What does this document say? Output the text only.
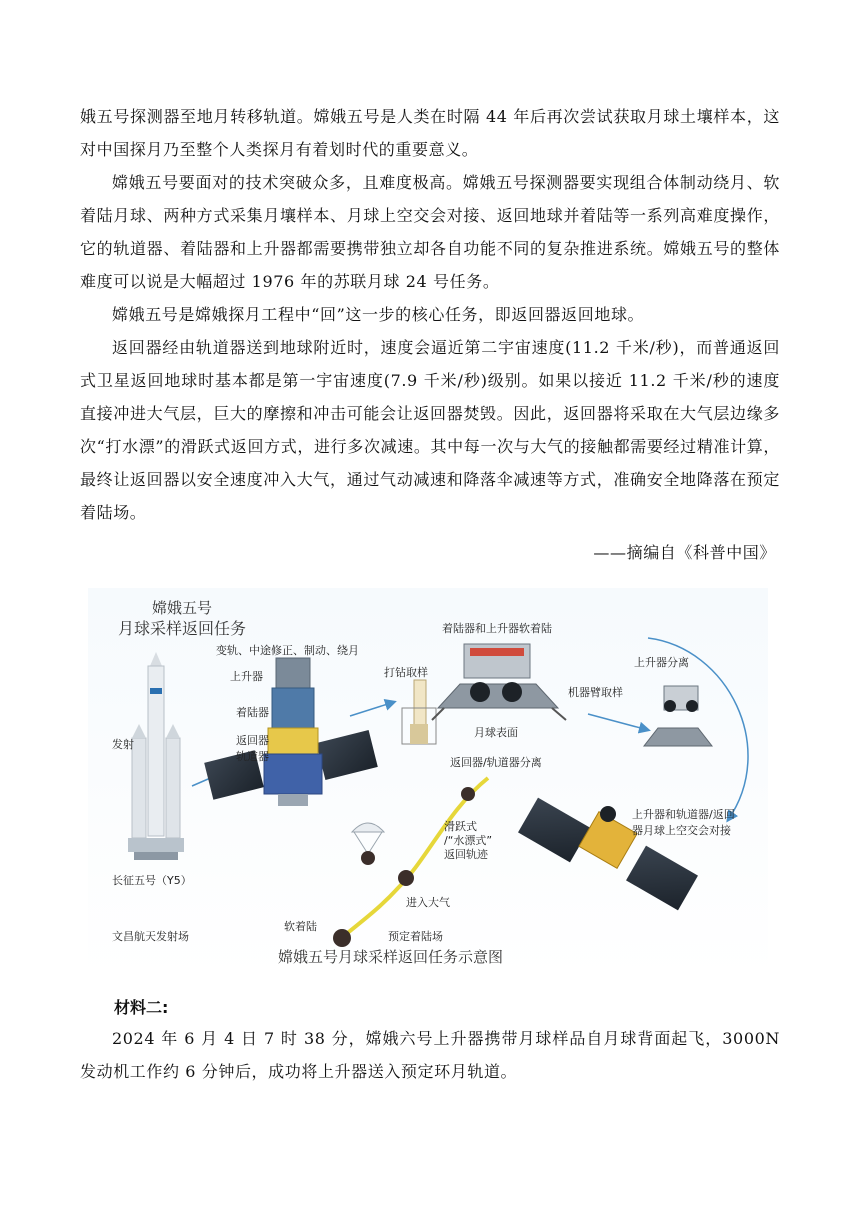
娥五号探测器至地月转移轨道。嫦娥五号是人类在时隔 44 年后再次尝试获取月球土壤样本，这对中国探月乃至整个人类探月有着划时代的重要意义。

嫦娥五号要面对的技术突破众多，且难度极高。嫦娥五号探测器要实现组合体制动绕月、软着陆月球、两种方式采集月壤样本、月球上空交会对接、返回地球并着陆等一系列高难度操作，它的轨道器、着陆器和上升器都需要携带独立却各自功能不同的复杂推进系统。嫦娥五号的整体难度可以说是大幅超过 1976 年的苏联月球 24 号任务。

嫦娥五号是嫦娥探月工程中“回”这一步的核心任务，即返回器返回地球。

返回器经由轨道器送到地球附近时，速度会逼近第二宇宙速度(11.2 千米/秒)，而普通返回式卫星返回地球时基本都是第一宇宙速度(7.9 千米/秒)级别。如果以接近 11.2 千米/秒的速度直接冲进大气层，巨大的摩擦和冲击可能会让返回器焚毁。因此，返回器将采取在大气层边缘多次“打水漂”的滑跃式返回方式，进行多次减速。其中每一次与大气的接触都需要经过精准计算，最终让返回器以安全速度冲入大气，通过气动减速和降落伞减速等方式，准确安全地降落在预定着陆场。

——摘编自《科普中国》

嫦娥五号
月球采样返回任务
发射
长征五号（Y5）
文昌航天发射场
变轨、中途修正、制动、绕月
上升器
着陆器
返回器
轨道器
打钻取样
着陆器和上升器软着陆
月球表面
机器臂取样
上升器分离
上升器和轨道器/返回
器月球上空交会对接
返回器/轨道器分离
滑跃式
/“水漂式”
返回轨迹
进入大气
软着陆
预定着陆场
嫦娥五号月球采样返回任务示意图

材料二:

2024 年 6 月 4 日 7 时 38 分，嫦娥六号上升器携带月球样品自月球背面起飞，3000N 发动机工作约 6 分钟后，成功将上升器送入预定环月轨道。
